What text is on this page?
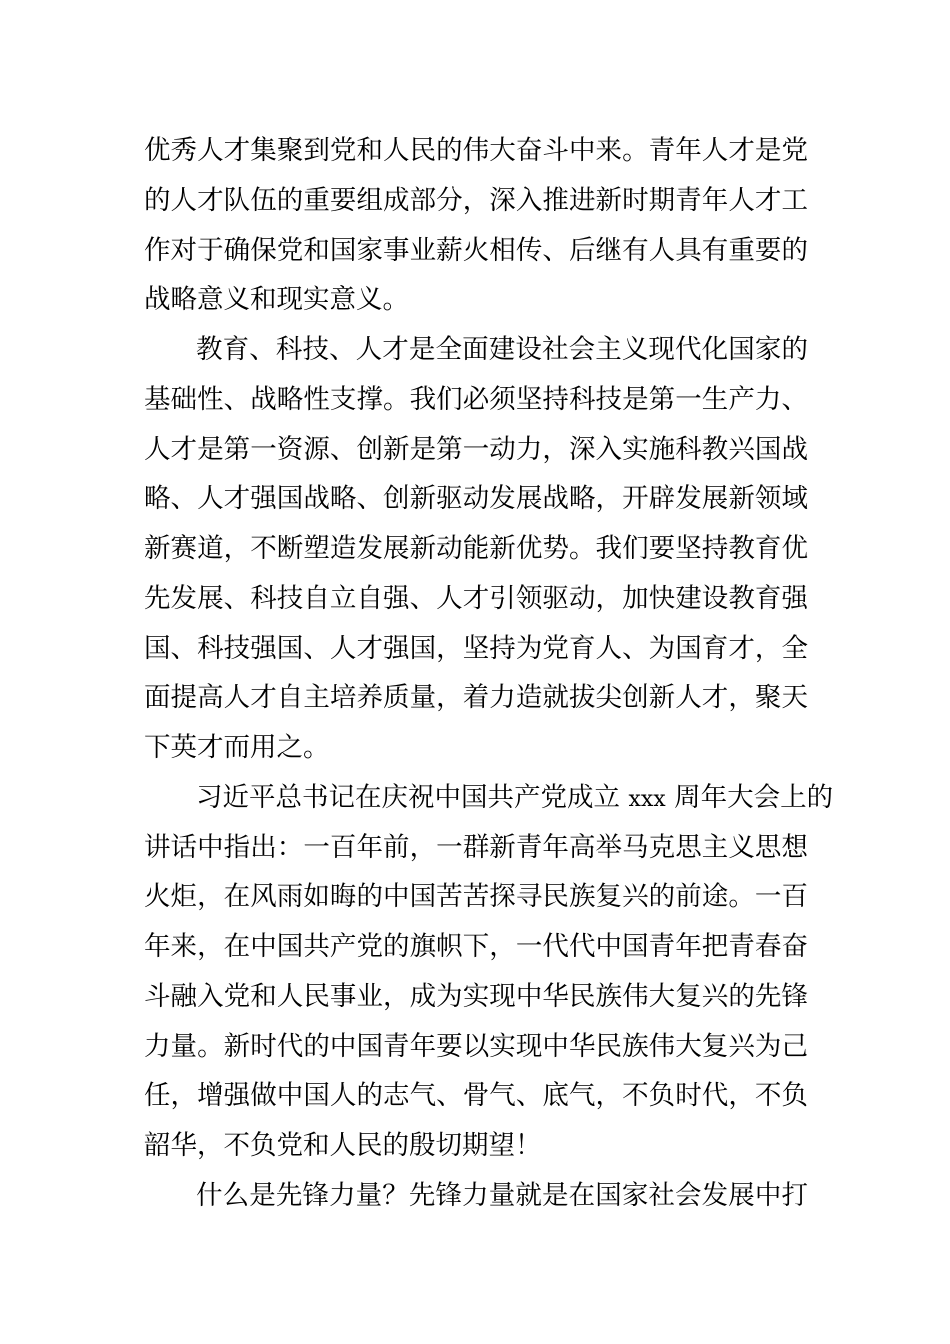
优秀人才集聚到党和人民的伟大奋斗中来。青年人才是党
的人才队伍的重要组成部分，深入推进新时期青年人才工
作对于确保党和国家事业薪火相传、后继有人具有重要的
战略意义和现实意义。
教育、科技、人才是全面建设社会主义现代化国家的
基础性、战略性支撑。我们必须坚持科技是第一生产力、
人才是第一资源、创新是第一动力，深入实施科教兴国战
略、人才强国战略、创新驱动发展战略，开辟发展新领域
新赛道，不断塑造发展新动能新优势。我们要坚持教育优
先发展、科技自立自强、人才引领驱动，加快建设教育强
国、科技强国、人才强国，坚持为党育人、为国育才，全
面提高人才自主培养质量，着力造就拔尖创新人才，聚天
下英才而用之。
习近平总书记在庆祝中国共产党成立 xxx 周年大会上的
讲话中指出：一百年前，一群新青年高举马克思主义思想
火炬，在风雨如晦的中国苦苦探寻民族复兴的前途。一百
年来，在中国共产党的旗帜下，一代代中国青年把青春奋
斗融入党和人民事业，成为实现中华民族伟大复兴的先锋
力量。新时代的中国青年要以实现中华民族伟大复兴为己
任，增强做中国人的志气、骨气、底气，不负时代，不负
韶华，不负党和人民的殷切期望！
什么是先锋力量？先锋力量就是在国家社会发展中打
